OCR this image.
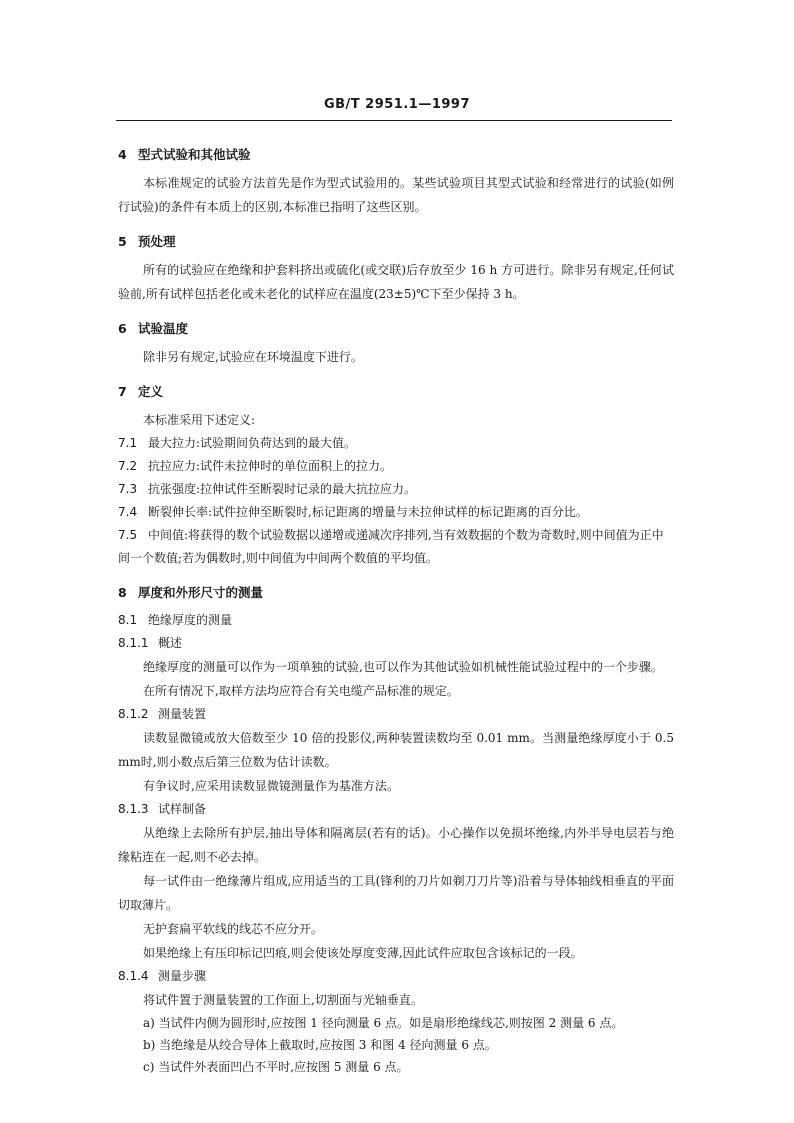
GB/T 2951.1—1997

4 型式试验和其他试验

本标准规定的试验方法首先是作为型式试验用的。某些试验项目其型式试验和经常进行的试验(如例行试验)的条件有本质上的区别,本标准已指明了这些区别。

5 预处理

所有的试验应在绝缘和护套料挤出或硫化(或交联)后存放至少 16 h 方可进行。除非另有规定,任何试验前,所有试样包括老化或未老化的试样应在温度(23±5)℃下至少保持 3 h。

6 试验温度

除非另有规定,试验应在环境温度下进行。

7 定义

本标准采用下述定义:

7.1 最大拉力:试验期间负荷达到的最大值。

7.2 抗拉应力:试件未拉伸时的单位面积上的拉力。

7.3 抗张强度:拉伸试件至断裂时记录的最大抗拉应力。

7.4 断裂伸长率:试件拉伸至断裂时,标记距离的增量与未拉伸试样的标记距离的百分比。

7.5 中间值:将获得的数个试验数据以递增或递减次序排列,当有效数据的个数为奇数时,则中间值为正中间一个数值;若为偶数时,则中间值为中间两个数值的平均值。

8 厚度和外形尺寸的测量

8.1 绝缘厚度的测量

8.1.1 概述

绝缘厚度的测量可以作为一项单独的试验,也可以作为其他试验如机械性能试验过程中的一个步骤。

在所有情况下,取样方法均应符合有关电缆产品标准的规定。

8.1.2 测量装置

读数显微镜或放大倍数至少 10 倍的投影仪,两种装置读数均至 0.01 mm。当测量绝缘厚度小于 0.5 mm时,则小数点后第三位数为估计读数。

有争议时,应采用读数显微镜测量作为基准方法。

8.1.3 试样制备

从绝缘上去除所有护层,抽出导体和隔离层(若有的话)。小心操作以免损坏绝缘,内外半导电层若与绝缘粘连在一起,则不必去掉。

每一试件由一绝缘薄片组成,应用适当的工具(锋利的刀片如剃刀刀片等)沿着与导体轴线相垂直的平面切取薄片。

无护套扁平软线的线芯不应分开。

如果绝缘上有压印标记凹痕,则会使该处厚度变薄,因此试件应取包含该标记的一段。

8.1.4 测量步骤

将试件置于测量装置的工作面上,切割面与光轴垂直。

a) 当试件内侧为圆形时,应按图 1 径向测量 6 点。如是扇形绝缘线芯,则按图 2 测量 6 点。

b) 当绝缘是从绞合导体上截取时,应按图 3 和图 4 径向测量 6 点。

c) 当试件外表面凹凸不平时,应按图 5 测量 6 点。
